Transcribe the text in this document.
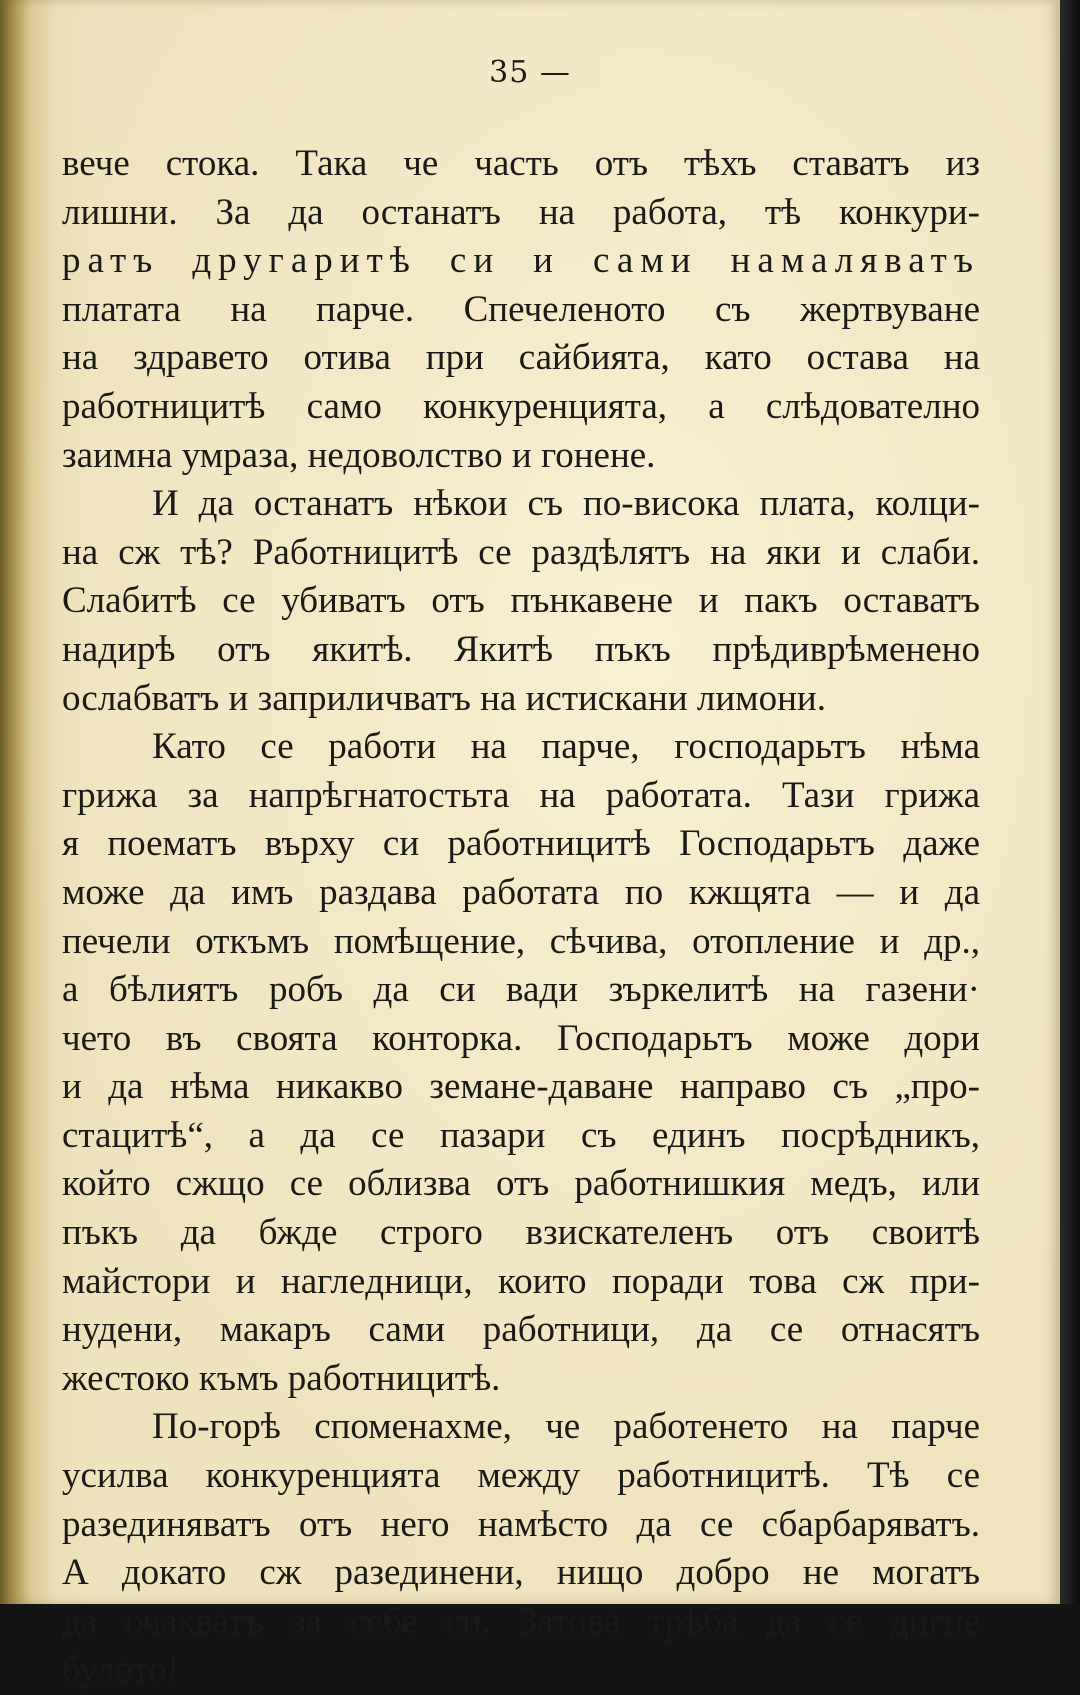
35 —
вече стока. Така че часть отъ тѣхъ ставатъ из
лишни. За да останатъ на работа, тѣ конкури-
ратъ другаритѣ си и сами намаляватъ
платата на парче. Спечеленото съ жертвуване
на здравето отива при сайбията, като остава на
работницитѣ само конкуренцията, а слѣдователно
заимна умраза, недоволство и гонене.
И да останатъ нѣкои съ по-висока плата, колци-
на сж тѣ? Работницитѣ се раздѣлятъ на яки и слаби.
Слабитѣ се убиватъ отъ пънкавене и пакъ оставатъ
надирѣ отъ якитѣ. Якитѣ пъкъ прѣдиврѣменено
ослабватъ и заприличватъ на истискани лимони.
Като се работи на парче, господарьтъ нѣма
грижа за напрѣгнатостьта на работата. Тази грижа
я поематъ върху си работницитѣ Господарьтъ даже
може да имъ раздава работата по кжщята — и да
печели откъмъ помѣщение, сѣчива, отопление и др.,
а бѣлиятъ робъ да си вади зъркелитѣ на газени·
чето въ своята конторка. Господарьтъ може дори
и да нѣма никакво земане-даване направо съ „про-
стацитѣ“, а да се пазари съ единъ посрѣдникъ,
който сжщо се облизва отъ работнишкия медъ, или
пъкъ да бжде строго взискателенъ отъ своитѣ
майстори и наглeдници, които поради това сж при-
нудени, макаръ сами работници, да се отнасятъ
жестоко къмъ работницитѣ.
По-горѣ споменахме, че работенето на парче
усилва конкуренцията между работницитѣ. Тѣ се
разединяватъ отъ него намѣсто да се сбарбаряватъ.
А докато сж разединени, нищо добро не могатъ
да очакватъ за себе си. Затова трѣба да се дигне
булото!
